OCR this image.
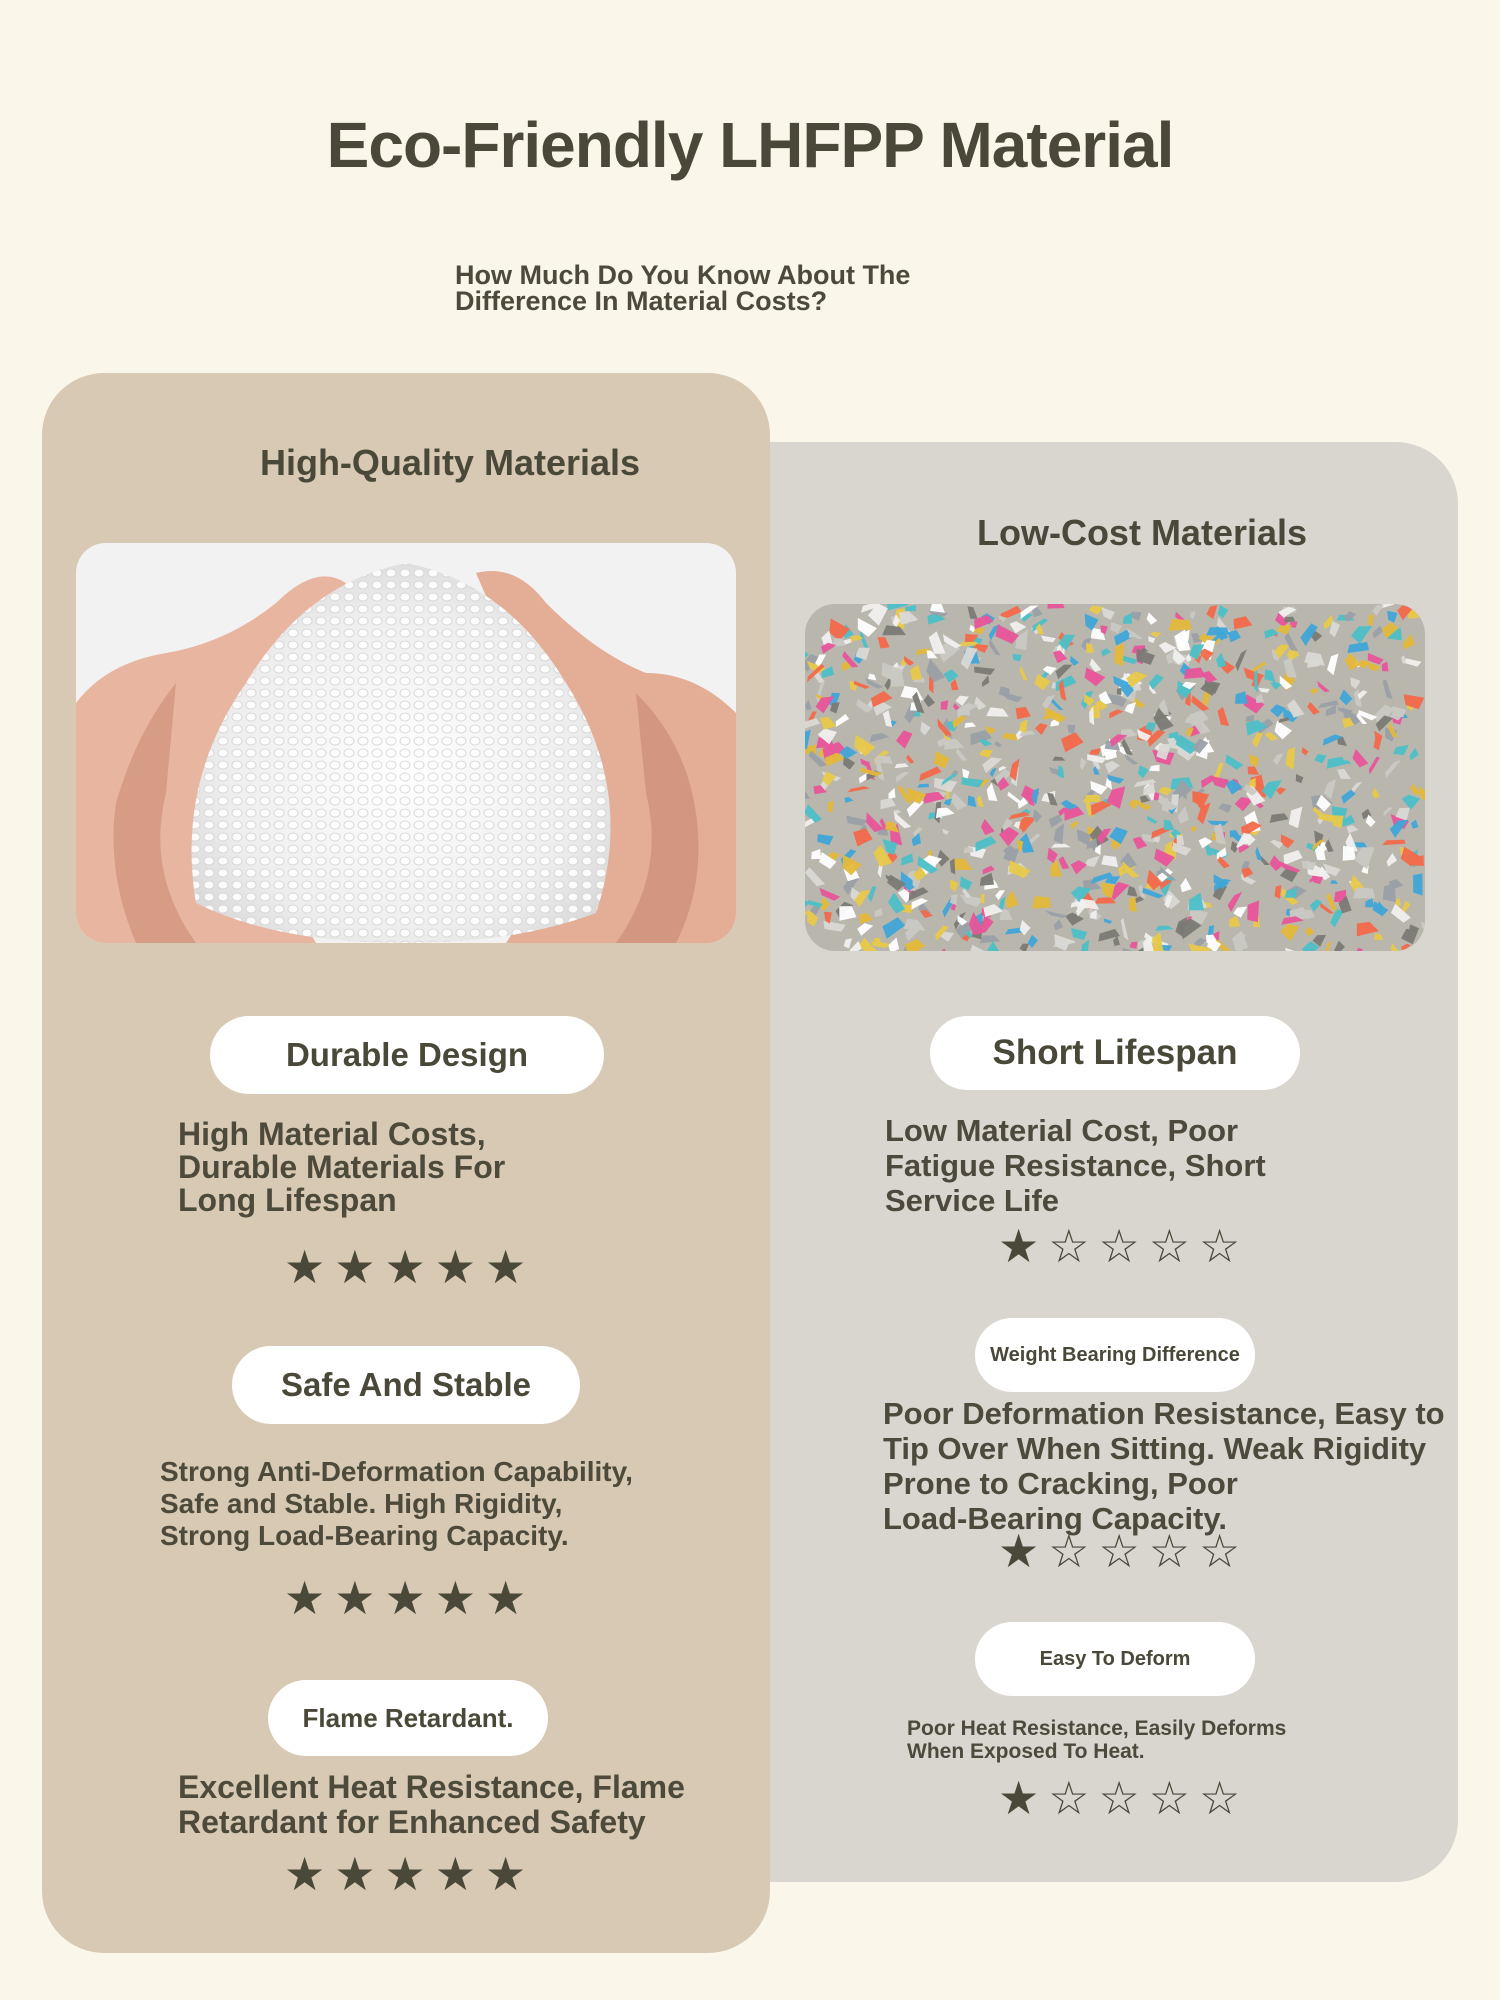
Eco-Friendly LHFPP Material
How Much Do You Know About The
Difference In Material Costs?
High-Quality Materials
Durable Design
High Material Costs,
Durable Materials For
Long Lifespan
★★★★★
Safe And Stable
Strong Anti-Deformation Capability,
Safe and Stable. High Rigidity,
Strong Load-Bearing Capacity.
★★★★★
Flame Retardant.
Excellent Heat Resistance, Flame
Retardant for Enhanced Safety
★★★★★
Low-Cost Materials
Short Lifespan
Low Material Cost, Poor
Fatigue Resistance, Short
Service Life
★☆☆☆☆
Weight Bearing Difference
Poor Deformation Resistance, Easy to
Tip Over When Sitting. Weak Rigidity
Prone to Cracking, Poor
Load-Bearing Capacity.
★☆☆☆☆
Easy To Deform
Poor Heat Resistance, Easily Deforms
When Exposed To Heat.
★☆☆☆☆
